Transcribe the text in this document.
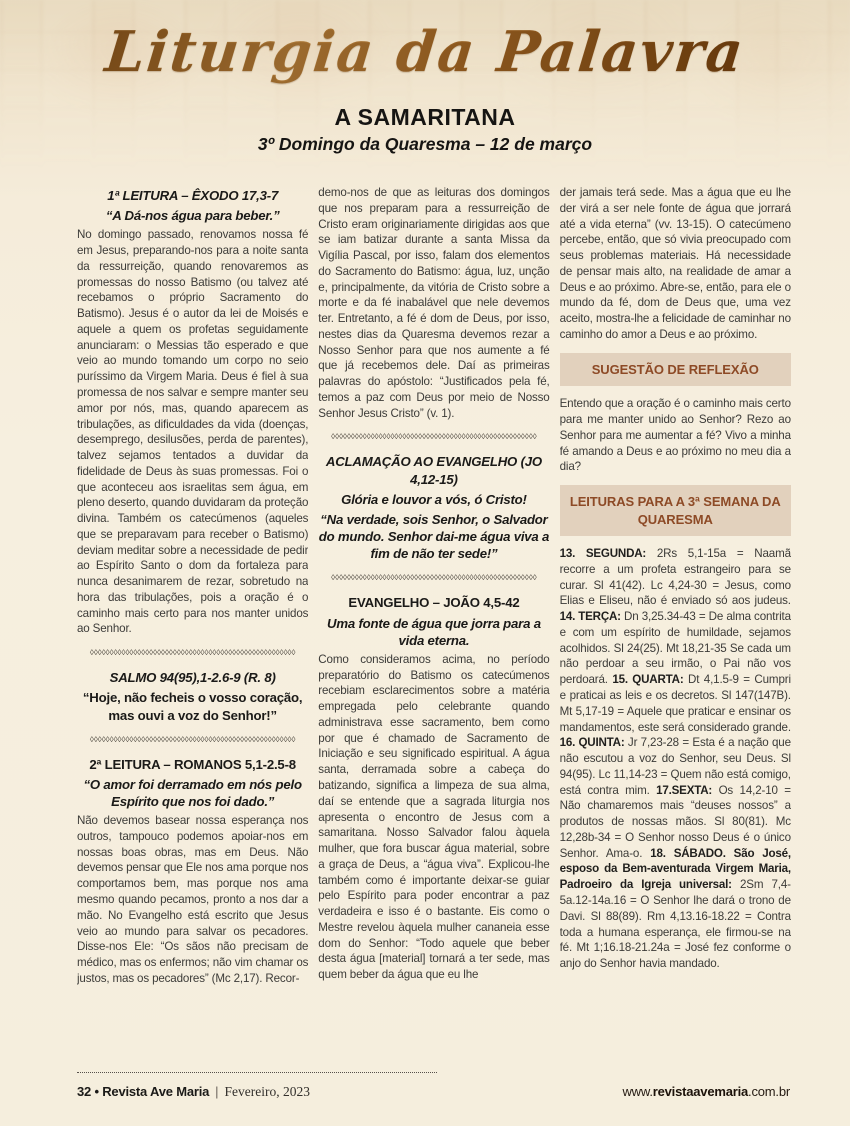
Liturgia da Palavra
A SAMARITANA
3º Domingo da Quaresma – 12 de março
1ª LEITURA – ÊXODO 17,3-7
“A Dá-nos água para beber.”

No domingo passado, renovamos nossa fé em Jesus, preparando-nos para a noite santa da ressurreição, quando renovaremos as promessas do nosso Batismo (ou talvez até recebamos o próprio Sacramento do Batismo). Jesus é o autor da lei de Moisés e aquele a quem os profetas seguidamente anunciaram: o Messias tão esperado e que veio ao mundo tomando um corpo no seio puríssimo da Virgem Maria. Deus é fiel à sua promessa de nos salvar e sempre manter seu amor por nós, mas, quando aparecem as tribulações, as dificuldades da vida (doenças, desemprego, desilusões, perda de parentes), talvez sejamos tentados a duvidar da fidelidade de Deus às suas promessas. Foi o que aconteceu aos israelitas sem água, em pleno deserto, quando duvidaram da proteção divina. Também os catecúmenos (aqueles que se preparavam para receber o Batismo) deviam meditar sobre a necessidade de pedir ao Espírito Santo o dom da fortaleza para nunca desanimarem de rezar, sobretudo na hora das tribulações, pois a oração é o caminho mais certo para nos manter unidos ao Senhor.

◊◊◊◊◊◊◊◊◊◊◊◊◊◊◊◊◊◊◊◊◊◊◊◊◊◊◊◊◊◊◊◊◊◊◊◊◊◊◊◊◊◊◊◊◊◊◊◊◊◊◊◊
SALMO 94(95),1-2.6-9 (R. 8)
“Hoje, não fecheis o vosso coração, mas ouvi a voz do Senhor!”
◊◊◊◊◊◊◊◊◊◊◊◊◊◊◊◊◊◊◊◊◊◊◊◊◊◊◊◊◊◊◊◊◊◊◊◊◊◊◊◊◊◊◊◊◊◊◊◊◊◊◊◊
2ª LEITURA – ROMANOS 5,1-2.5-8
“O amor foi derramado em nós pelo Espírito que nos foi dado.”

Não devemos basear nossa esperança nos outros, tampouco podemos apoiar-nos em nossas boas obras, mas em Deus. Não devemos pensar que Ele nos ama porque nos comportamos bem, mas porque nos ama mesmo quando pecamos, pronto a nos dar a mão. No Evangelho está escrito que Jesus veio ao mundo para salvar os pecadores. Disse-nos Ele: “Os sãos não precisam de médico, mas os enfermos; não vim chamar os justos, mas os pecadores” (Mc 2,17). Recor-

demo-nos de que as leituras dos domingos que nos preparam para a ressurreição de Cristo eram originariamente dirigidas aos que se iam batizar durante a santa Missa da Vigília Pascal, por isso, falam dos elementos do Sacramento do Batismo: água, luz, unção e, principalmente, da vitória de Cristo sobre a morte e da fé inabalável que nele devemos ter. Entretanto, a fé é dom de Deus, por isso, nestes dias da Quaresma devemos rezar a Nosso Senhor para que nos aumente a fé que já recebemos dele. Daí as primeiras palavras do apóstolo: “Justificados pela fé, temos a paz com Deus por meio de Nosso Senhor Jesus Cristo” (v. 1).

◊◊◊◊◊◊◊◊◊◊◊◊◊◊◊◊◊◊◊◊◊◊◊◊◊◊◊◊◊◊◊◊◊◊◊◊◊◊◊◊◊◊◊◊◊◊◊◊◊◊◊◊
ACLAMAÇÃO AO EVANGELHO (JO 4,12-15)
Glória e louvor a vós, ó Cristo!
“Na verdade, sois Senhor, o Salvador do mundo. Senhor dai-me água viva a fim de não ter sede!”
◊◊◊◊◊◊◊◊◊◊◊◊◊◊◊◊◊◊◊◊◊◊◊◊◊◊◊◊◊◊◊◊◊◊◊◊◊◊◊◊◊◊◊◊◊◊◊◊◊◊◊◊
EVANGELHO – JOÃO 4,5-42
Uma fonte de água que jorra para a vida eterna.

Como consideramos acima, no período preparatório do Batismo os catecúmenos recebiam esclarecimentos sobre a matéria empregada pelo celebrante quando administrava esse sacramento, bem como por que é chamado de Sacramento de Iniciação e seu significado espiritual. A água santa, derramada sobre a cabeça do batizando, significa a limpeza de sua alma, daí se entende que a sagrada liturgia nos apresenta o encontro de Jesus com a samaritana. Nosso Salvador falou àquela mulher, que fora buscar água material, sobre a graça de Deus, a “água viva”. Explicou-lhe também como é importante deixar-se guiar pelo Espírito para poder encontrar a paz verdadeira e isso é o bastante. Eis como o Mestre revelou àquela mulher cananeia esse dom do Senhor: “Todo aquele que beber desta água [material] tornará a ter sede, mas quem beber da água que eu lhe

der jamais terá sede. Mas a água que eu lhe der virá a ser nele fonte de água que jorrará até a vida eterna” (vv. 13-15). O catecúmeno percebe, então, que só vivia preocupado com seus problemas materiais. Há necessidade de pensar mais alto, na realidade de amar a Deus e ao próximo. Abre-se, então, para ele o mundo da fé, dom de Deus que, uma vez aceito, mostra-lhe a felicidade de caminhar no caminho do amor a Deus e ao próximo.

SUGESTÃO DE REFLEXÃO

Entendo que a oração é o caminho mais certo para me manter unido ao Senhor? Rezo ao Senhor para me aumentar a fé? Vivo a minha fé amando a Deus e ao próximo no meu dia a dia?

LEITURAS PARA A 3ª SEMANA DA QUARESMA

13. SEGUNDA: 2Rs 5,1-15a = Naamã recorre a um profeta estrangeiro para se curar. Sl 41(42). Lc 4,24-30 = Jesus, como Elias e Eliseu, não é enviado só aos judeus. 14. TERÇA: Dn 3,25.34-43 = De alma contrita e com um espírito de humildade, sejamos acolhidos. Sl 24(25). Mt 18,21-35 Se cada um não perdoar a seu irmão, o Pai não vos perdoará. 15. QUARTA: Dt 4,1.5-9 = Cumpri e praticai as leis e os decretos. Sl 147(147B). Mt 5,17-19 = Aquele que praticar e ensinar os mandamentos, este será considerado grande. 16. QUINTA: Jr 7,23-28 = Esta é a nação que não escutou a voz do Senhor, seu Deus. Sl 94(95). Lc 11,14-23 = Quem não está comigo, está contra mim. 17.SEXTA: Os 14,2-10 = Não chamaremos mais “deuses nossos” a produtos de nossas mãos. Sl 80(81). Mc 12,28b-34 = O Senhor nosso Deus é o único Senhor. Ama-o. 18. SÁBADO. São José, esposo da Bem-aventurada Virgem Maria, Padroeiro da Igreja universal: 2Sm 7,4-5a.12-14a.16 = O Senhor lhe dará o trono de Davi. Sl 88(89). Rm 4,13.16-18.22 = Contra toda a humana esperança, ele firmou-se na fé. Mt 1;16.18-21.24a = José fez conforme o anjo do Senhor havia mandado.

32 • Revista Ave Maria | Fevereiro, 2023	www.revistaavemaria.com.br
